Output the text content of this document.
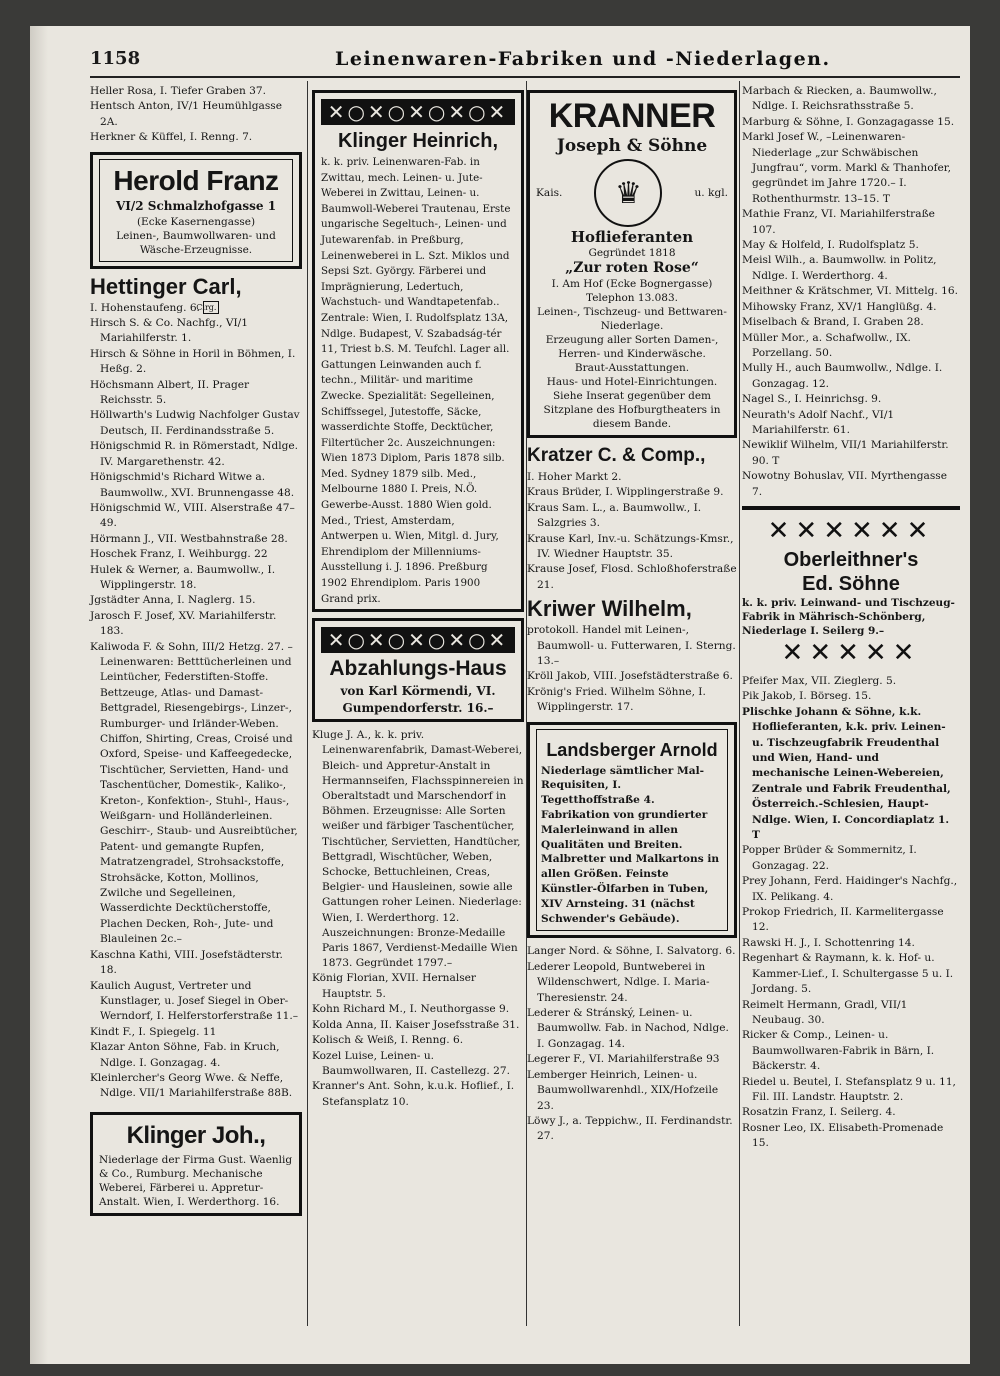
1158	Leinenwaren-Fabriken und -Niederlagen.

Heller Rosa, I. Tiefer Graben 37.

Hentsch Anton, IV/1 Heumühlgasse 2A.

Herkner & Küffel, I. Renng. 7.

Herold Franz
VI/2 Schmalzhofgasse 1
(Ecke Kasernengasse)
Leinen-, Baumwollwaren- und Wäsche-Erzeugnisse.
Hettinger Carl,

I. Hohenstaufeng. 6. Cirg.

Hirsch S. & Co. Nachfg., VI/1 Mariahilferstr. 1.

Hirsch & Söhne in Horil in Böhmen, I. Heßg. 2.

Höchsmann Albert, II. Prager Reichsstr. 5.

Höllwarth's Ludwig Nachfolger Gustav Deutsch, II. Ferdinandsstraße 5.

Hönigschmid R. in Römerstadt, Ndlge. IV. Margarethenstr. 42.

Hönigschmid's Richard Witwe a. Baumwollw., XVI. Brunnengasse 48.

Hönigschmid W., VIII. Alserstraße 47–49.

Hörmann J., VII. Westbahnstraße 28.

Hoschek Franz, I. Weihburgg. 22

Hulek & Werner, a. Baumwollw., I. Wipplingerstr. 18.

Jgstädter Anna, I. Naglerg. 15.

Jarosch F. Josef, XV. Mariahilferstr. 183.

Kaliwoda F. & Sohn, III/2 Hetzg. 27. –Leinenwaren: Betttücherleinen und Leintücher, Federstiften-Stoffe. Bettzeuge, Atlas- und Damast-Bettgradel, Riesengebirgs-, Linzer-, Rumburger- und Irländer-Weben. Chiffon, Shirting, Creas, Croisé und Oxford, Speise- und Kaffeegedecke, Tischtücher, Servietten, Hand- und Taschentücher, Domestik-, Kaliko-, Kreton-, Konfektion-, Stuhl-, Haus-, Weißgarn- und Holländerleinen. Geschirr-, Staub- und Ausreibtücher, Patent- und gemangte Rupfen, Matratzengradel, Strohsackstoffe, Strohsäcke, Kotton, Mollinos, Zwilche und Segelleinen, Wasserdichte Decktücherstoffe, Plachen Decken, Roh-, Jute- und Blauleinen 2c.–

Kaschna Kathi, VIII. Josefstädterstr. 18.

Kaulich August, Vertreter und Kunstlager, u. Josef Siegel in Ober-Werndorf, I. Helferstorferstraße 11.–

Kindt F., I. Spiegelg. 11

Klazar Anton Söhne, Fab. in Kruch, Ndlge. I. Gonzagag. 4.

Kleinlercher's Georg Wwe. & Neffe, Ndlge. VII/1 Mariahilferstraße 88B.

Klinger Joh.,
Niederlage der Firma Gust. Waenlig & Co., Rumburg. Mechanische Weberei, Färberei u. Appretur-Anstalt. Wien, I. Werderthorg. 16.
✕○✕○✕○✕○✕
Klinger Heinrich,
k. k. priv. Leinenwaren-Fab. in Zwittau, mech. Leinen- u. Jute-Weberei in Zwittau, Leinen- u. Baumwoll-Weberei Trautenau, Erste ungarische Segeltuch-, Leinen- und Jutewarenfab. in Preßburg, Leinenweberei in L. Szt. Miklos und Sepsi Szt. György. Färberei und Imprägnierung, Ledertuch, Wachstuch- und Wandtapetenfab.. Zentrale: Wien, I. Rudolfsplatz 13A, Ndlge. Budapest, V. Szabadság-tér 11, Triest b.S. M. Teufchl. Lager all. Gattungen Leinwanden auch f. techn., Militär- und maritime Zwecke. Spezialität: Segelleinen, Schiffssegel, Jutestoffe, Säcke, wasserdichte Stoffe, Decktücher, Filtertücher 2c. Auszeichnungen: Wien 1873 Diplom, Paris 1878 silb. Med. Sydney 1879 silb. Med., Melbourne 1880 I. Preis, N.Ö. Gewerbe-Ausst. 1880 Wien gold. Med., Triest, Amsterdam, Antwerpen u. Wien, Mitgl. d. Jury, Ehrendiplom der Millenniums-Ausstellung i. J. 1896. Preßburg 1902 Ehrendiplom. Paris 1900 Grand prix.
✕○✕○✕○✕○✕
Abzahlungs-Haus
von Karl Körmendi, VI. Gumpendorferstr. 16.–

Kluge J. A., k. k. priv. Leinenwarenfabrik, Damast-Weberei, Bleich- und Appretur-Anstalt in Hermannseifen, Flachsspinnereien in Oberaltstadt und Marschendorf in Böhmen. Erzeugnisse: Alle Sorten weißer und färbiger Taschentücher, Tischtücher, Servietten, Handtücher, Bettgradl, Wischtücher, Weben, Schocke, Bettuchleinen, Creas, Belgier- und Hausleinen, sowie alle Gattungen roher Leinen. Niederlage: Wien, I. Werderthorg. 12. Auszeichnungen: Bronze-Medaille Paris 1867, Verdienst-Medaille Wien 1873. Gegründet 1797.–

König Florian, XVII. Hernalser Hauptstr. 5.

Kohn Richard M., I. Neuthorgasse 9.

Kolda Anna, II. Kaiser Josefsstraße 31.

Kolisch & Weiß, I. Renng. 6.

Kozel Luise, Leinen- u. Baumwollwaren, II. Castellezg. 27.

Kranner's Ant. Sohn, k.u.k. Hoflief., I. Stefansplatz 10.

KRANNER
Joseph & Söhne
Kais.	♛	u. kgl.
Hoflieferanten
Gegründet 1818
„Zur roten Rose“
I. Am Hof (Ecke Bognergasse)
Telephon 13.083.
Leinen-, Tischzeug- und Bettwaren-Niederlage.
Erzeugung aller Sorten Damen-, Herren- und Kinderwäsche.
Braut-Ausstattungen.
Haus- und Hotel-Einrichtungen.
Siehe Inserat gegenüber dem Sitzplane des Hofburgtheaters in diesem Bande.
Kratzer C. & Comp.,

I. Hoher Markt 2.

Kraus Brüder, I. Wipplingerstraße 9.

Kraus Sam. L., a. Baumwollw., I. Salzgries 3.

Krause Karl, Inv.-u. Schätzungs-Kmsr., IV. Wiedner Hauptstr. 35.

Krause Josef, Flosd. Schloßhoferstraße 21.

Kriwer Wilhelm,

protokoll. Handel mit Leinen-, Baumwoll- u. Futterwaren, I. Sterng. 13.–

Kröll Jakob, VIII. Josefstädterstraße 6.

Krönig's Fried. Wilhelm Söhne, I. Wipplingerstr. 17.

Landsberger Arnold
Niederlage sämtlicher Mal-Requisiten, I. Tegetthoffstraße 4. Fabrikation von grundierter Malerleinwand in allen Qualitäten und Breiten. Malbretter und Malkartons in allen Größen. Feinste Künstler-Ölfarben in Tuben, XIV Arnsteing. 31 (nächst Schwender's Gebäude).

Langer Nord. & Söhne, I. Salvatorg. 6.

Lederer Leopold, Buntweberei in Wildenschwert, Ndlge. I. Maria-Theresienstr. 24.

Lederer & Stránský, Leinen- u. Baumwollw. Fab. in Nachod, Ndlge. I. Gonzagag. 14.

Legerer F., VI. Mariahilferstraße 93

Lemberger Heinrich, Leinen- u. Baumwollwarenhdl., XIX/Hofzeile 23.

Löwy J., a. Teppichw., II. Ferdinandstr. 27.

Marbach & Riecken, a. Baumwollw., Ndlge. I. Reichsrathsstraße 5.

Marburg & Söhne, I. Gonzagagasse 15.

Markl Josef W., –Leinenwaren-Niederlage „zur Schwäbischen Jungfrau“, vorm. Markl & Thanhofer, gegründet im Jahre 1720.– I. Rothenthurmstr. 13–15. T

Mathie Franz, VI. Mariahilferstraße 107.

May & Holfeld, I. Rudolfsplatz 5.

Meisl Wilh., a. Baumwollw. in Politz, Ndlge. I. Werderthorg. 4.

Meithner & Krätschmer, VI. Mittelg. 16.

Mihowsky Franz, XV/1 Hanglüßg. 4.

Miselbach & Brand, I. Graben 28.

Müller Mor., a. Schafwollw., IX. Porzellang. 50.

Mully H., auch Baumwollw., Ndlge. I. Gonzagag. 12.

Nagel S., I. Heinrichsg. 9.

Neurath's Adolf Nachf., VI/1 Mariahilferstr. 61.

Newiklif Wilhelm, VII/1 Mariahilferstr. 90. T

Nowotny Bohuslav, VII. Myrthengasse 7.

✕✕✕✕✕✕
Oberleithner's
Ed. Söhne
k. k. priv. Leinwand- und Tischzeug-Fabrik in Mährisch-Schönberg, Niederlage I. Seilerg 9.–
✕✕✕✕✕

Pfeifer Max, VII. Zieglerg. 5.

Pik Jakob, I. Börseg. 15.

Plischke Johann & Söhne, k.k. Hoflieferanten, k.k. priv. Leinen- u. Tischzeugfabrik Freudenthal und Wien, Hand- und mechanische Leinen-Webereien, Zentrale und Fabrik Freudenthal, Österreich.-Schlesien, Haupt-Ndlge. Wien, I. Concordiaplatz 1. T

Popper Brüder & Sommernitz, I. Gonzagag. 22.

Prey Johann, Ferd. Haidinger's Nachfg., IX. Pelikang. 4.

Prokop Friedrich, II. Karmelitergasse 12.

Rawski H. J., I. Schottenring 14.

Regenhart & Raymann, k. k. Hof- u. Kammer-Lief., I. Schultergasse 5 u. I. Jordang. 5.

Reimelt Hermann, Gradl, VII/1 Neubaug. 30.

Ricker & Comp., Leinen- u. Baumwollwaren-Fabrik in Bärn, I. Bäckerstr. 4.

Riedel u. Beutel, I. Stefansplatz 9 u. 11, Fil. III. Landstr. Hauptstr. 2.

Rosatzin Franz, I. Seilerg. 4.

Rosner Leo, IX. Elisabeth-Promenade 15.
